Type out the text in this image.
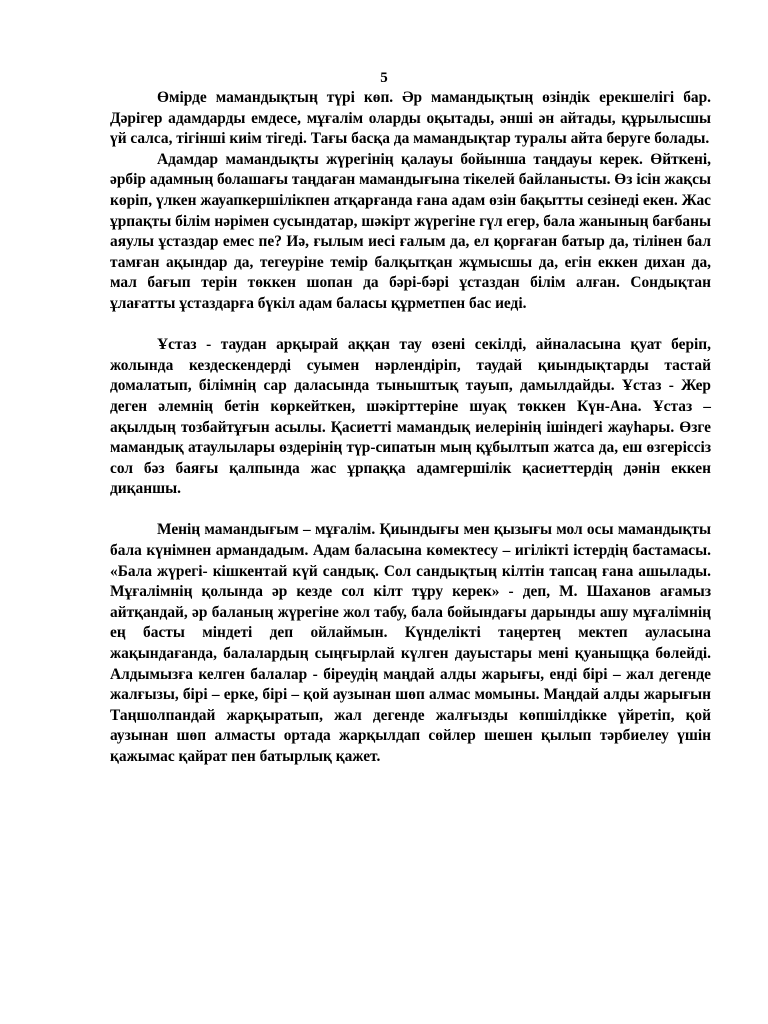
5

Өмірде мамандықтың түрі көп. Әр мамандықтың өзіндік ерекшелігі бар. Дәрігер адамдарды емдесе, мұғалім оларды оқытады, әнші ән айтады, құрылысшы үй салса, тігінші киім тігеді. Тағы басқа да мамандықтар туралы айта беруге болады.

Адамдар мамандықты жүрегінің қалауы бойынша таңдауы керек. Өйткені, әрбір адамның болашағы таңдаған мамандығына тікелей байланысты. Өз ісін жақсы көріп, үлкен жауапкершілікпен атқарғанда ғана адам өзін бақытты сезінеді екен. Жас ұрпақты білім нәрімен сусындатар, шәкірт жүрегіне гүл егер, бала жанының бағбаны аяулы ұстаздар емес пе? Иә, ғылым иесі ғалым да, ел қорғаған батыр да, тілінен бал тамған ақындар да, тегеуріне темір балқытқан жұмысшы да, егін еккен дихан да, мал бағып терін төккен шопан да бәрі-бәрі ұстаздан білім алған. Сондықтан ұлағатты ұстаздарға бүкіл адам баласы құрметпен бас иеді.

Ұстаз - таудан арқырай аққан тау өзені секілді, айналасына қуат беріп, жолында кездескендерді суымен нәрлендіріп, таудай қиындықтарды тастай домалатып, білімнің сар даласында тыныштық тауып, дамылдайды. Ұстаз - Жер деген әлемнің бетін көркейткен, шәкірттеріне шуақ төккен Күн-Ана. Ұстаз – ақылдың тозбайтұғын асылы. Қасиетті мамандық иелерінің ішіндегі жауһары. Өзге мамандық атаулылары өздерінің түр-сипатын мың құбылтып жатса да, еш өзгеріссіз сол бәз баяғы қалпында жас ұрпаққа адамгершілік қасиеттердің дәнін еккен диқаншы.

Менің мамандығым – мұғалім. Қиындығы мен қызығы мол осы мамандықты бала күнімнен армандадым. Адам баласына көмектесу – игілікті істердің бастамасы. «Бала жүрегі- кішкентай күй сандық. Сол сандықтың кілтін тапсаң ғана ашылады. Мұғалімнің қолында әр кезде сол кілт тұру керек» - деп, М. Шаханов ағамыз айтқандай, әр баланың жүрегіне жол табу, бала бойындағы дарынды ашу мұғалімнің ең басты міндеті деп ойлаймын. Күнделікті таңертең мектеп ауласына жақындағанда, балалардың сыңғырлай күлген дауыстары мені қуаныщқа бөлейді. Алдымызға келген балалар - біреудің маңдай алды жарығы, енді бірі – жал дегенде жалғызы, бірі – ерке, бірі – қой аузынан шөп алмас момыны. Маңдай алды жарығын Таңшолпандай жарқыратып, жал дегенде жалғызды көпшілдікке үйретіп, қой аузынан шөп алмасты ортада жарқылдап сөйлер шешен қылып тәрбиелеу үшін қажымас қайрат пен батырлық қажет.
